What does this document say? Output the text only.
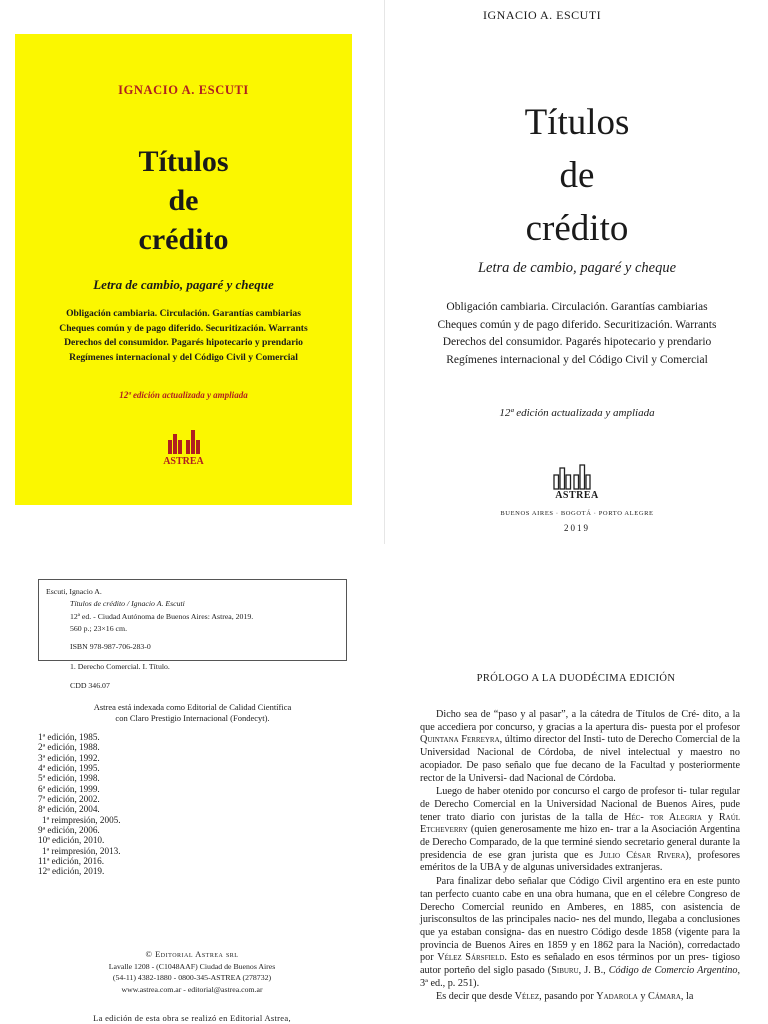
IGNACIO A. ESCUTI
Títulos
de
crédito
Letra de cambio, pagaré y cheque
Obligación cambiaria. Circulación. Garantías cambiarias
Cheques común y de pago diferido. Securitización. Warrants
Derechos del consumidor. Pagarés hipotecario y prendario
Regímenes internacional y del Código Civil y Comercial
12ª edición actualizada y ampliada
ASTREA
IGNACIO A. ESCUTI
Títulos
de
crédito
Letra de cambio, pagaré y cheque
Obligación cambiaria. Circulación. Garantías cambiarias
Cheques común y de pago diferido. Securitización. Warrants
Derechos del consumidor. Pagarés hipotecario y prendario
Regímenes internacional y del Código Civil y Comercial
12ª edición actualizada y ampliada
ASTREA
BUENOS AIRES · BOGOTÁ · PORTO ALEGRE
2019
Escuti, Ignacio A.
Títulos de crédito / Ignacio A. Escuti
12ª ed. - Ciudad Autónoma de Buenos Aires: Astrea, 2019.
560 p.; 23×16 cm.
ISBN 978-987-706-283-0
1. Derecho Comercial. I. Título.
CDD 346.07
Astrea está indexada como Editorial de Calidad Científica
con Claro Prestigio Internacional (Fondecyt).
1ª edición, 1985.
2ª edición, 1988.
3ª edición, 1992.
4ª edición, 1995.
5ª edición, 1998.
6ª edición, 1999.
7ª edición, 2002.
8ª edición, 2004.
1ª reimpresión, 2005.
9ª edición, 2006.
10ª edición, 2010.
1ª reimpresión, 2013.
11ª edición, 2016.
12ª edición, 2019.
© Editorial Astrea srl
Lavalle 1208 - (C1048AAF) Ciudad de Buenos Aires
(54-11) 4382-1880 - 0800-345-ASTREA (278732)
www.astrea.com.ar - editorial@astrea.com.ar
La edición de esta obra se realizó en Editorial Astrea,
PRÓLOGO A LA DUODÉCIMA EDICIÓN

Dicho sea de “paso y al pasar”, a la cátedra de Títulos de Cré- dito, a la que accediera por concurso, y gracias a la apertura dis- puesta por el profesor Quintana Ferreyra, último director del Insti- tuto de Derecho Comercial de la Universidad Nacional de Córdoba, de nivel intelectual y maestro no acopiador. De paso señalo que fue decano de la Facultad y posteriormente rector de la Universi- dad Nacional de Córdoba.

Luego de haber otenido por concurso el cargo de profesor ti- tular regular de Derecho Comercial en la Universidad Nacional de Buenos Aires, pude tener trato diario con juristas de la talla de Héc- tor Alegria y Raúl Etcheverry (quien generosamente me hizo en- trar a la Asociación Argentina de Derecho Comparado, de la que terminé siendo secretario general durante la presidencia de ese gran jurista que es Julio César Rivera), profesores eméritos de la UBA y de algunas universidades extranjeras.

Para finalizar debo señalar que Código Civil argentino era en este punto tan perfecto cuanto cabe en una obra humana, que en el célebre Congreso de Derecho Comercial reunido en Amberes, en 1885, con asistencia de jurisconsultos de las principales nacio- nes del mundo, llegaba a conclusiones que ya estaban consigna- das en nuestro Código desde 1858 (vigente para la provincia de Buenos Aires en 1859 y en 1862 para la Nación), corredactado por Vélez Sársfield. Esto es señalado en esos términos por un pres- tigioso autor porteño del siglo pasado (Siburu, J. B., Código de Comercio Argentino, 3ª ed., p. 251).

Es decir que desde Vélez, pasando por Yadarola y Cámara, la
